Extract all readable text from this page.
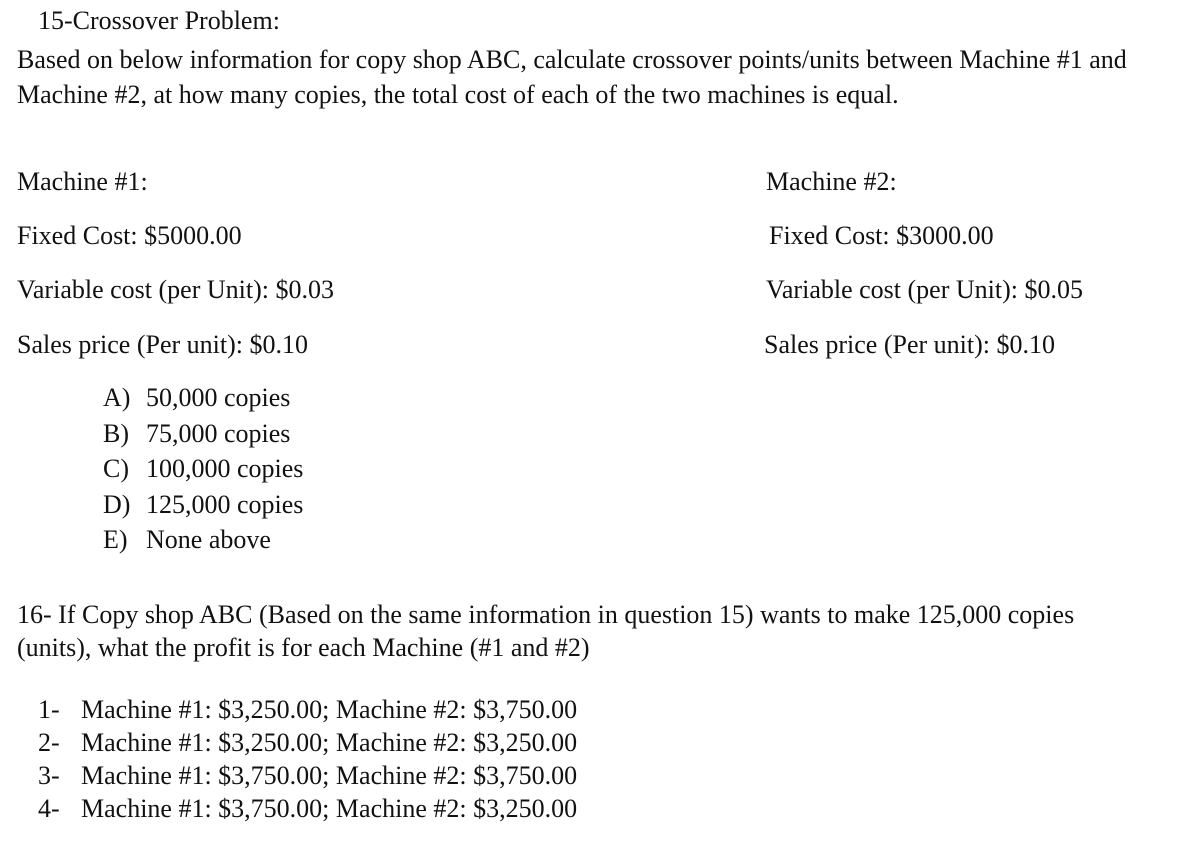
15-Crossover Problem:
Based on below information for copy shop ABC, calculate crossover points/units between Machine #1 and Machine #2, at how many copies, the total cost of each of the two machines is equal.
Machine #1:	Machine #2:
Fixed Cost: $5000.00	Fixed Cost: $3000.00
Variable cost (per Unit): $0.03	Variable cost (per Unit): $0.05
Sales price (Per unit): $0.10	Sales price (Per unit): $0.10
A) 50,000 copies
B) 75,000 copies
C) 100,000 copies
D) 125,000 copies
E) None above
16- If Copy shop ABC (Based on the same information in question 15) wants to make 125,000 copies (units), what the profit is for each Machine (#1 and #2)
1- Machine #1: $3,250.00; Machine #2: $3,750.00
2- Machine #1: $3,250.00; Machine #2: $3,250.00
3- Machine #1: $3,750.00; Machine #2: $3,750.00
4- Machine #1: $3,750.00; Machine #2: $3,250.00
